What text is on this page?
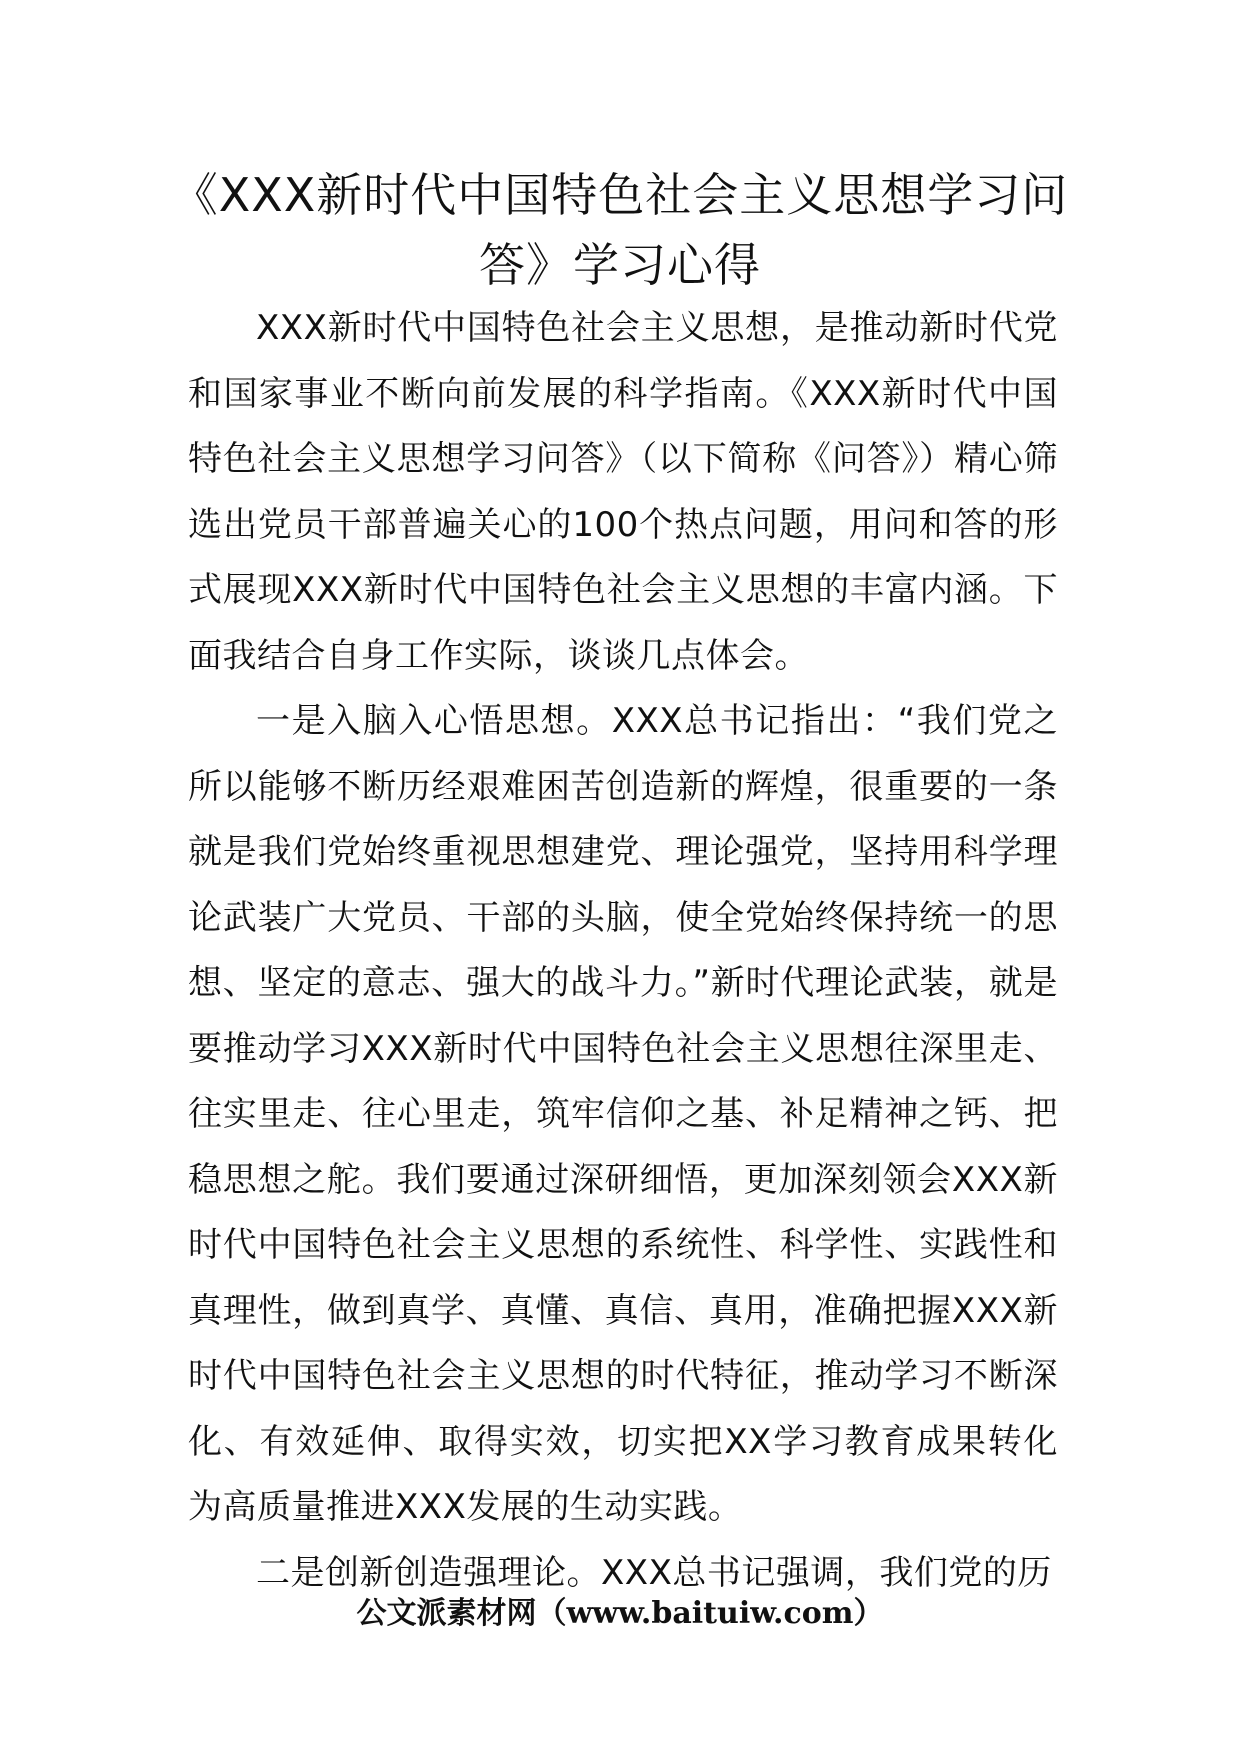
《XXX新时代中国特色社会主义思想学习问
答》学习心得

XXX新时代中国特色社会主义思想，是推动新时代党和国家事业不断向前发展的科学指南。《XXX新时代中国特色社会主义思想学习问答》（以下简称《问答》）精心筛选出党员干部普遍关心的100个热点问题，用问和答的形式展现XXX新时代中国特色社会主义思想的丰富内涵。下面我结合自身工作实际，谈谈几点体会。

一是入脑入心悟思想。XXX总书记指出：“我们党之所以能够不断历经艰难困苦创造新的辉煌，很重要的一条就是我们党始终重视思想建党、理论强党，坚持用科学理论武装广大党员、干部的头脑，使全党始终保持统一的思想、坚定的意志、强大的战斗力。”新时代理论武装，就是要推动学习XXX新时代中国特色社会主义思想往深里走、往实里走、往心里走，筑牢信仰之基、补足精神之钙、把稳思想之舵。我们要通过深研细悟，更加深刻领会XXX新时代中国特色社会主义思想的系统性、科学性、实践性和真理性，做到真学、真懂、真信、真用，准确把握XXX新时代中国特色社会主义思想的时代特征，推动学习不断深化、有效延伸、取得实效，切实把XX学习教育成果转化为高质量推进XXX发展的生动实践。

二是创新创造强理论。XXX总书记强调，我们党的历

公文派素材网（www.baituiw.com）
